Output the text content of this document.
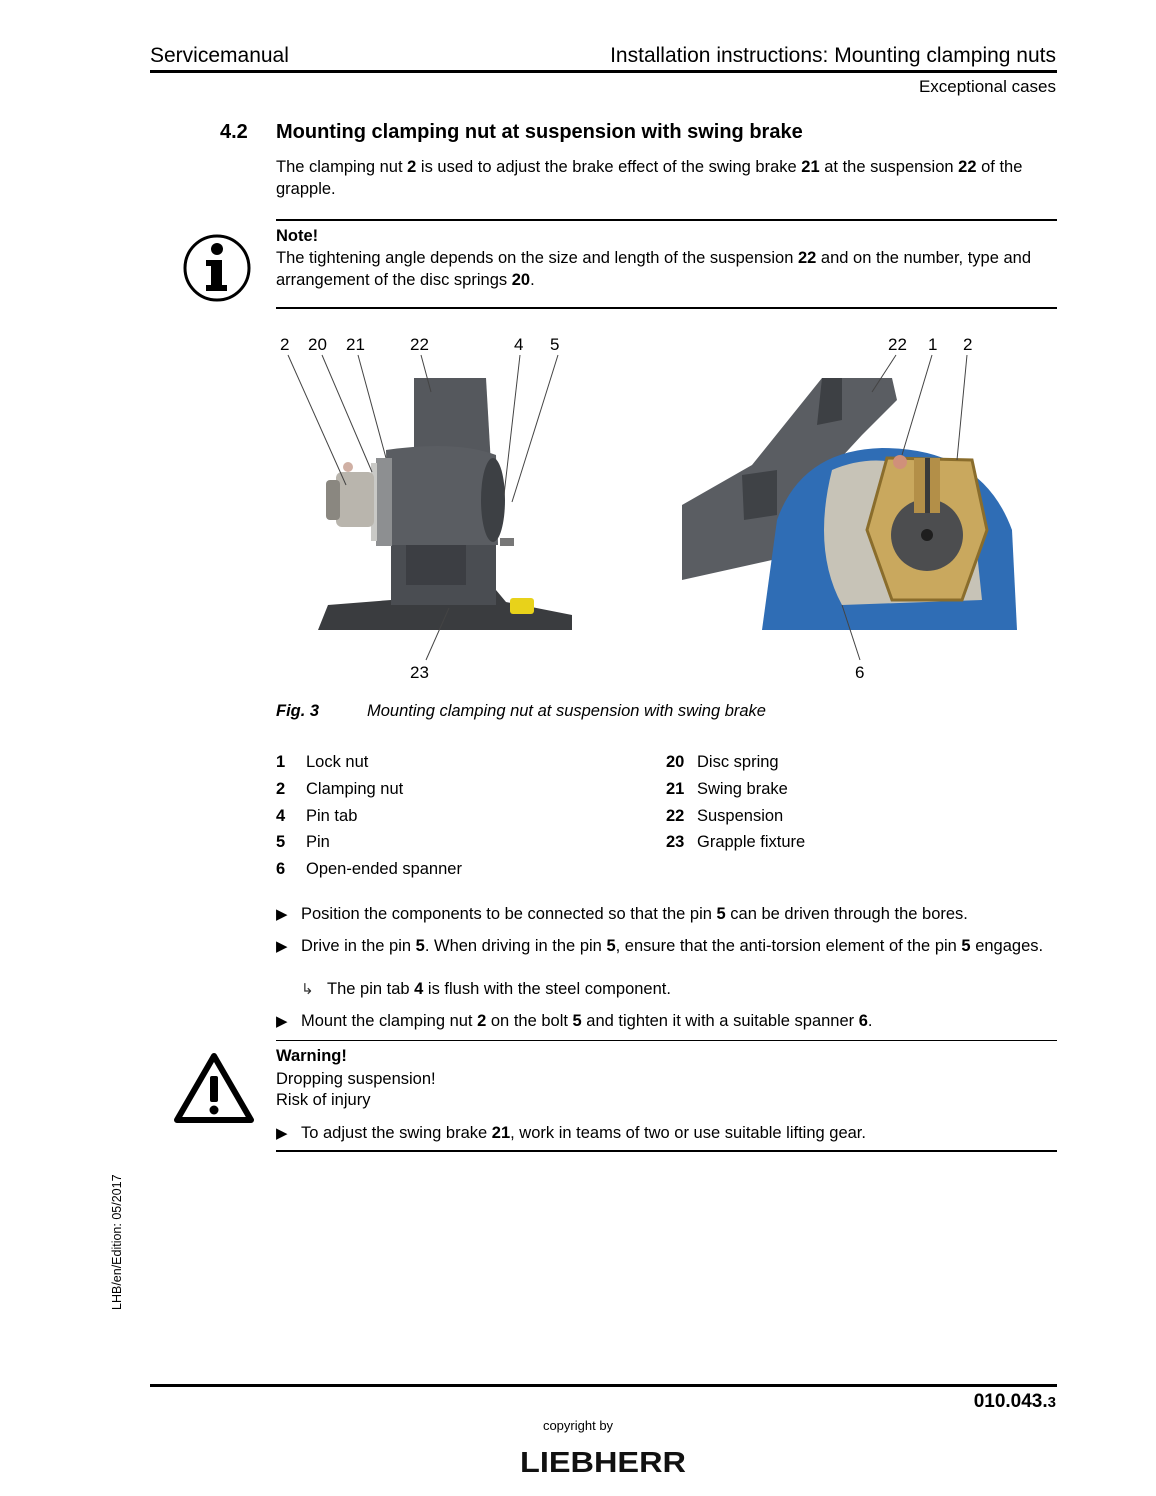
Servicemanual	Installation instructions: Mounting clamping nuts
Exceptional cases
4.2 Mounting clamping nut at suspension with swing brake
The clamping nut 2 is used to adjust the brake effect of the swing brake 21 at the suspension 22 of the grapple.
Note!
The tightening angle depends on the size and length of the suspension 22 and on the number, type and arrangement of the disc springs 20.
2 20 21	22	4 5
23
22 1 2
6
Fig. 3	Mounting clamping nut at suspension with swing brake
1 Lock nut
2 Clamping nut
4 Pin tab
5 Pin
6 Open-ended spanner
20 Disc spring
21 Swing brake
22 Suspension
23 Grapple fixture
▶ Position the components to be connected so that the pin 5 can be driven through the bores.
▶ Drive in the pin 5. When driving in the pin 5, ensure that the anti-torsion element of the pin 5 engages.
↳ The pin tab 4 is flush with the steel component.
▶ Mount the clamping nut 2 on the bolt 5 and tighten it with a suitable spanner 6.
Warning!
Dropping suspension!
Risk of injury
▶ To adjust the swing brake 21, work in teams of two or use suitable lifting gear.
LHB/en/Edition: 05/2017
010.043.3
copyright by
LIEBHERR
